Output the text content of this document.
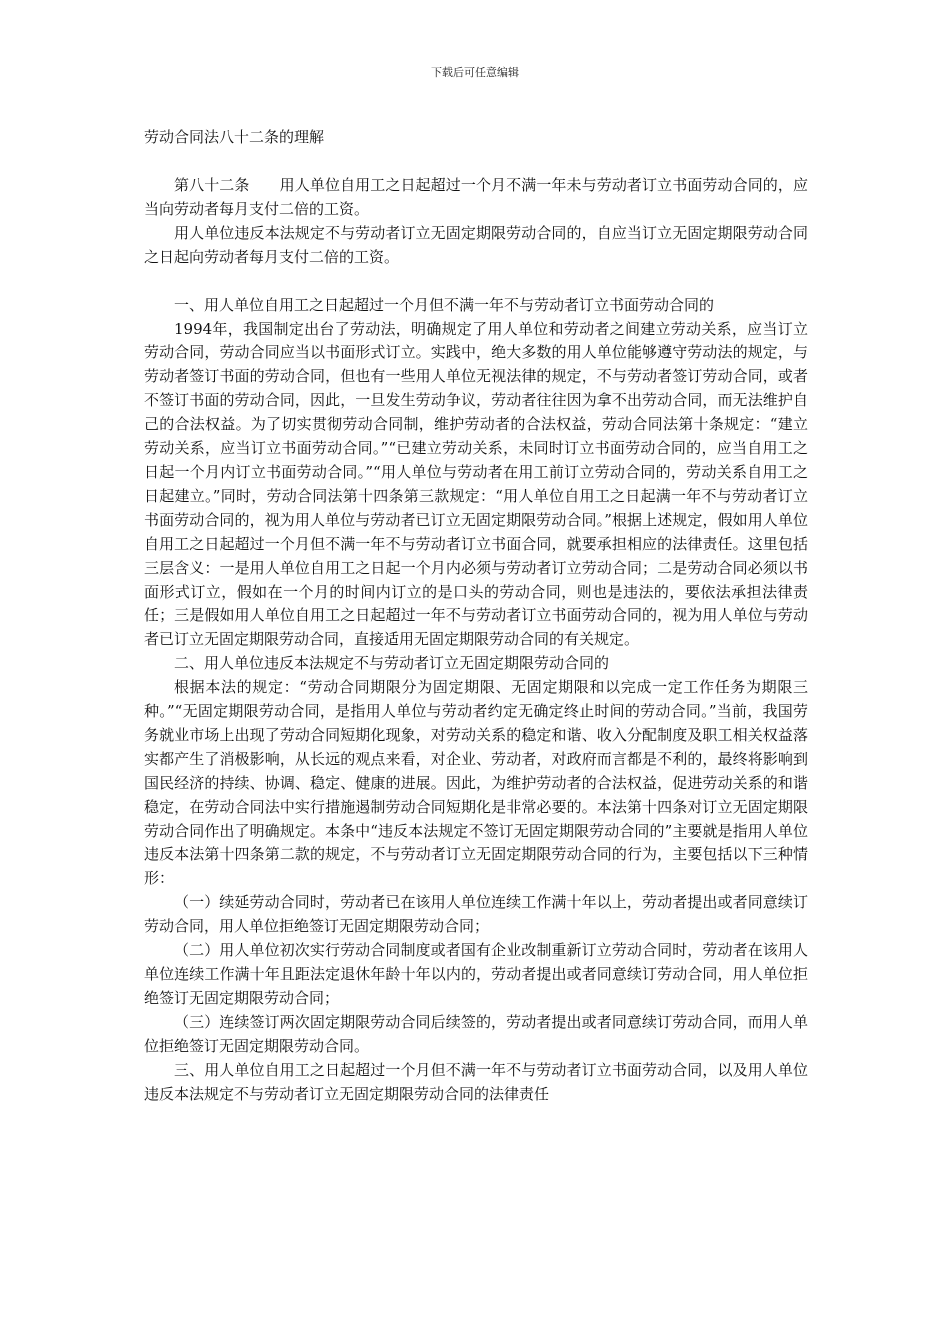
下载后可任意编辑
劳动合同法八十二条的理解

第八十二条　　用人单位自用工之日起超过一个月不满一年未与劳动者订立书面劳动合同的，应当向劳动者每月支付二倍的工资。

用人单位违反本法规定不与劳动者订立无固定期限劳动合同的，自应当订立无固定期限劳动合同之日起向劳动者每月支付二倍的工资。

一、用人单位自用工之日起超过一个月但不满一年不与劳动者订立书面劳动合同的

1994年，我国制定出台了劳动法，明确规定了用人单位和劳动者之间建立劳动关系，应当订立劳动合同，劳动合同应当以书面形式订立。实践中，绝大多数的用人单位能够遵守劳动法的规定，与劳动者签订书面的劳动合同，但也有一些用人单位无视法律的规定，不与劳动者签订劳动合同，或者不签订书面的劳动合同，因此，一旦发生劳动争议，劳动者往往因为拿不出劳动合同，而无法维护自己的合法权益。为了切实贯彻劳动合同制，维护劳动者的合法权益，劳动合同法第十条规定：“建立劳动关系，应当订立书面劳动合同。”“已建立劳动关系，未同时订立书面劳动合同的，应当自用工之日起一个月内订立书面劳动合同。”“用人单位与劳动者在用工前订立劳动合同的，劳动关系自用工之日起建立。”同时，劳动合同法第十四条第三款规定：“用人单位自用工之日起满一年不与劳动者订立书面劳动合同的，视为用人单位与劳动者已订立无固定期限劳动合同。”根据上述规定，假如用人单位自用工之日起超过一个月但不满一年不与劳动者订立书面合同，就要承担相应的法律责任。这里包括三层含义：一是用人单位自用工之日起一个月内必须与劳动者订立劳动合同；二是劳动合同必须以书面形式订立，假如在一个月的时间内订立的是口头的劳动合同，则也是违法的，要依法承担法律责任；三是假如用人单位自用工之日起超过一年不与劳动者订立书面劳动合同的，视为用人单位与劳动者已订立无固定期限劳动合同，直接适用无固定期限劳动合同的有关规定。

二、用人单位违反本法规定不与劳动者订立无固定期限劳动合同的

根据本法的规定：“劳动合同期限分为固定期限、无固定期限和以完成一定工作任务为期限三种。”“无固定期限劳动合同，是指用人单位与劳动者约定无确定终止时间的劳动合同。”当前，我国劳务就业市场上出现了劳动合同短期化现象，对劳动关系的稳定和谐、收入分配制度及职工相关权益落实都产生了消极影响，从长远的观点来看，对企业、劳动者，对政府而言都是不利的，最终将影响到国民经济的持续、协调、稳定、健康的进展。因此，为维护劳动者的合法权益，促进劳动关系的和谐稳定，在劳动合同法中实行措施遏制劳动合同短期化是非常必要的。本法第十四条对订立无固定期限劳动合同作出了明确规定。本条中“违反本法规定不签订无固定期限劳动合同的”主要就是指用人单位违反本法第十四条第二款的规定，不与劳动者订立无固定期限劳动合同的行为，主要包括以下三种情形：

（一）续延劳动合同时，劳动者已在该用人单位连续工作满十年以上，劳动者提出或者同意续订劳动合同，用人单位拒绝签订无固定期限劳动合同；

（二）用人单位初次实行劳动合同制度或者国有企业改制重新订立劳动合同时，劳动者在该用人单位连续工作满十年且距法定退休年龄十年以内的，劳动者提出或者同意续订劳动合同，用人单位拒绝签订无固定期限劳动合同；

（三）连续签订两次固定期限劳动合同后续签的，劳动者提出或者同意续订劳动合同，而用人单位拒绝签订无固定期限劳动合同。

三、用人单位自用工之日起超过一个月但不满一年不与劳动者订立书面劳动合同，以及用人单位违反本法规定不与劳动者订立无固定期限劳动合同的法律责任
